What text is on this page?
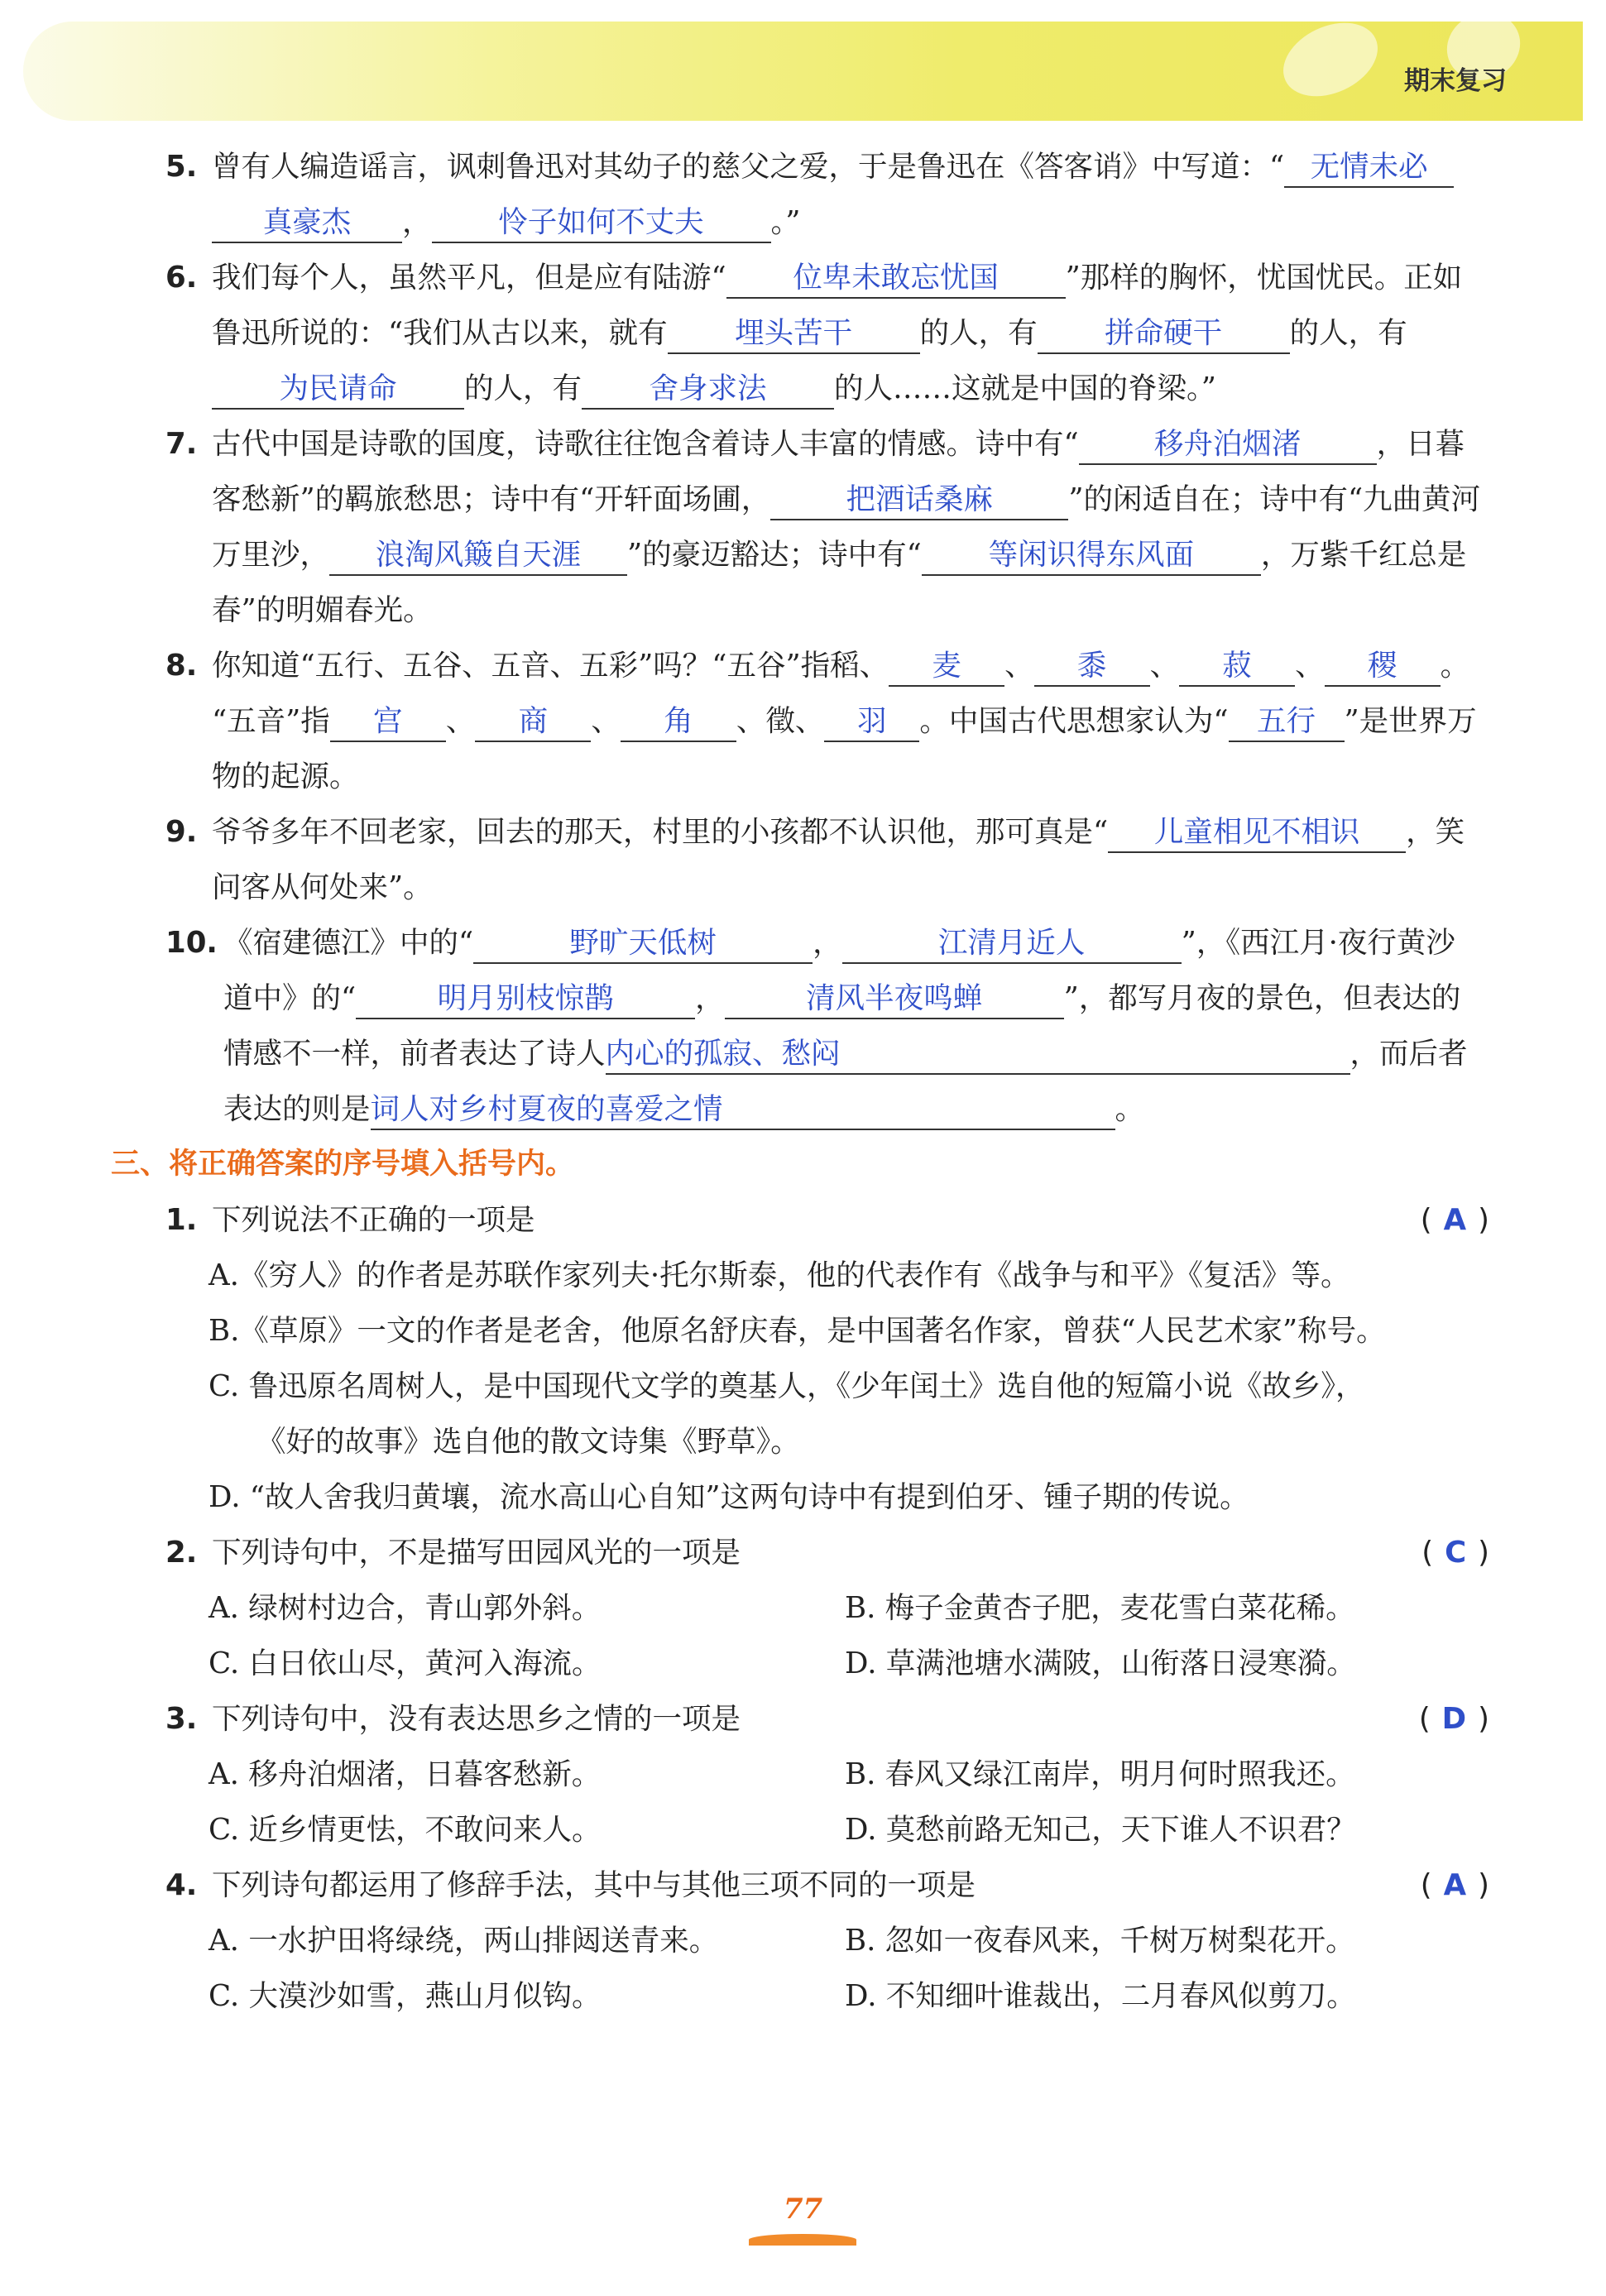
期末复习
5. 曾有人编造谣言，讽刺鲁迅对其幼子的慈父之爱，于是鲁迅在《答客诮》中写道：“ 无情未必
真豪杰 ， 怜子如何不丈夫 。”
6. 我们每个人，虽然平凡，但是应有陆游“ 位卑未敢忘忧国 ”那样的胸怀，忧国忧民。正如鲁迅所说的：“我们从古以来，就有 埋头苦干 的人，有 拼命硬干 的人，有为民请命 的人，有 舍身求法 的人……这就是中国的脊梁。”
7. 古代中国是诗歌的国度，诗歌往往饱含着诗人丰富的情感。诗中有“	移舟泊烟渚	，日暮客愁新”的羁旅愁思；诗中有“开轩面场圃，	把酒话桑麻	”的闲适自在；诗中有“九曲黄河万里沙， 浪淘风簸自天涯 ”的豪迈豁达；诗中有“ 等闲识得东风面 ，万紫千红总是春”的明媚春光。
8. 你知道“五行、五谷、五音、五彩”吗？“五谷”指稻、 麦 、 黍 、 菽 、 稷 。
“五音”指 宫 、 商 、 角 、徵、 羽 。中国古代思想家认为“ 五行 ”是世界万物的起源。
9. 爷爷多年不回老家，回去的那天，村里的小孩都不认识他，那可真是“ 儿童相见不相识 ，笑问客从何处来”。
10. 《宿建德江》中的“	野旷天低树	，	江清月近人	”，《西江月·夜行黄沙道中》的“	明月别枝惊鹊	，	清风半夜鸣蝉	”，都写月夜的景色，但表达的情感不一样，前者表达了诗人内心的孤寂、愁闷	，而后者表达的则是词人对乡村夏夜的喜爱之情	。
三、将正确答案的序号填入括号内。
1. 下列说法不正确的一项是	( A )
A.《穷人》的作者是苏联作家列夫·托尔斯泰，他的代表作有《战争与和平》《复活》等。
B.《草原》一文的作者是老舍，他原名舒庆春，是中国著名作家，曾获“人民艺术家”称号。
C. 鲁迅原名周树人，是中国现代文学的奠基人，《少年闰土》选自他的短篇小说《故乡》，
《好的故事》选自他的散文诗集《野草》。
D. “故人舍我归黄壤，流水高山心自知”这两句诗中有提到伯牙、锺子期的传说。
2. 下列诗句中，不是描写田园风光的一项是	( C )
A. 绿树村边合，青山郭外斜。	B. 梅子金黄杏子肥，麦花雪白菜花稀。
C. 白日依山尽，黄河入海流。	D. 草满池塘水满陂，山衔落日浸寒漪。
3. 下列诗句中，没有表达思乡之情的一项是	( D )
A. 移舟泊烟渚，日暮客愁新。	B. 春风又绿江南岸，明月何时照我还。
C. 近乡情更怯，不敢问来人。	D. 莫愁前路无知己，天下谁人不识君？
4. 下列诗句都运用了修辞手法，其中与其他三项不同的一项是	( A )
A. 一水护田将绿绕，两山排闼送青来。	B. 忽如一夜春风来，千树万树梨花开。
C. 大漠沙如雪，燕山月似钩。	D. 不知细叶谁裁出，二月春风似剪刀。
77
